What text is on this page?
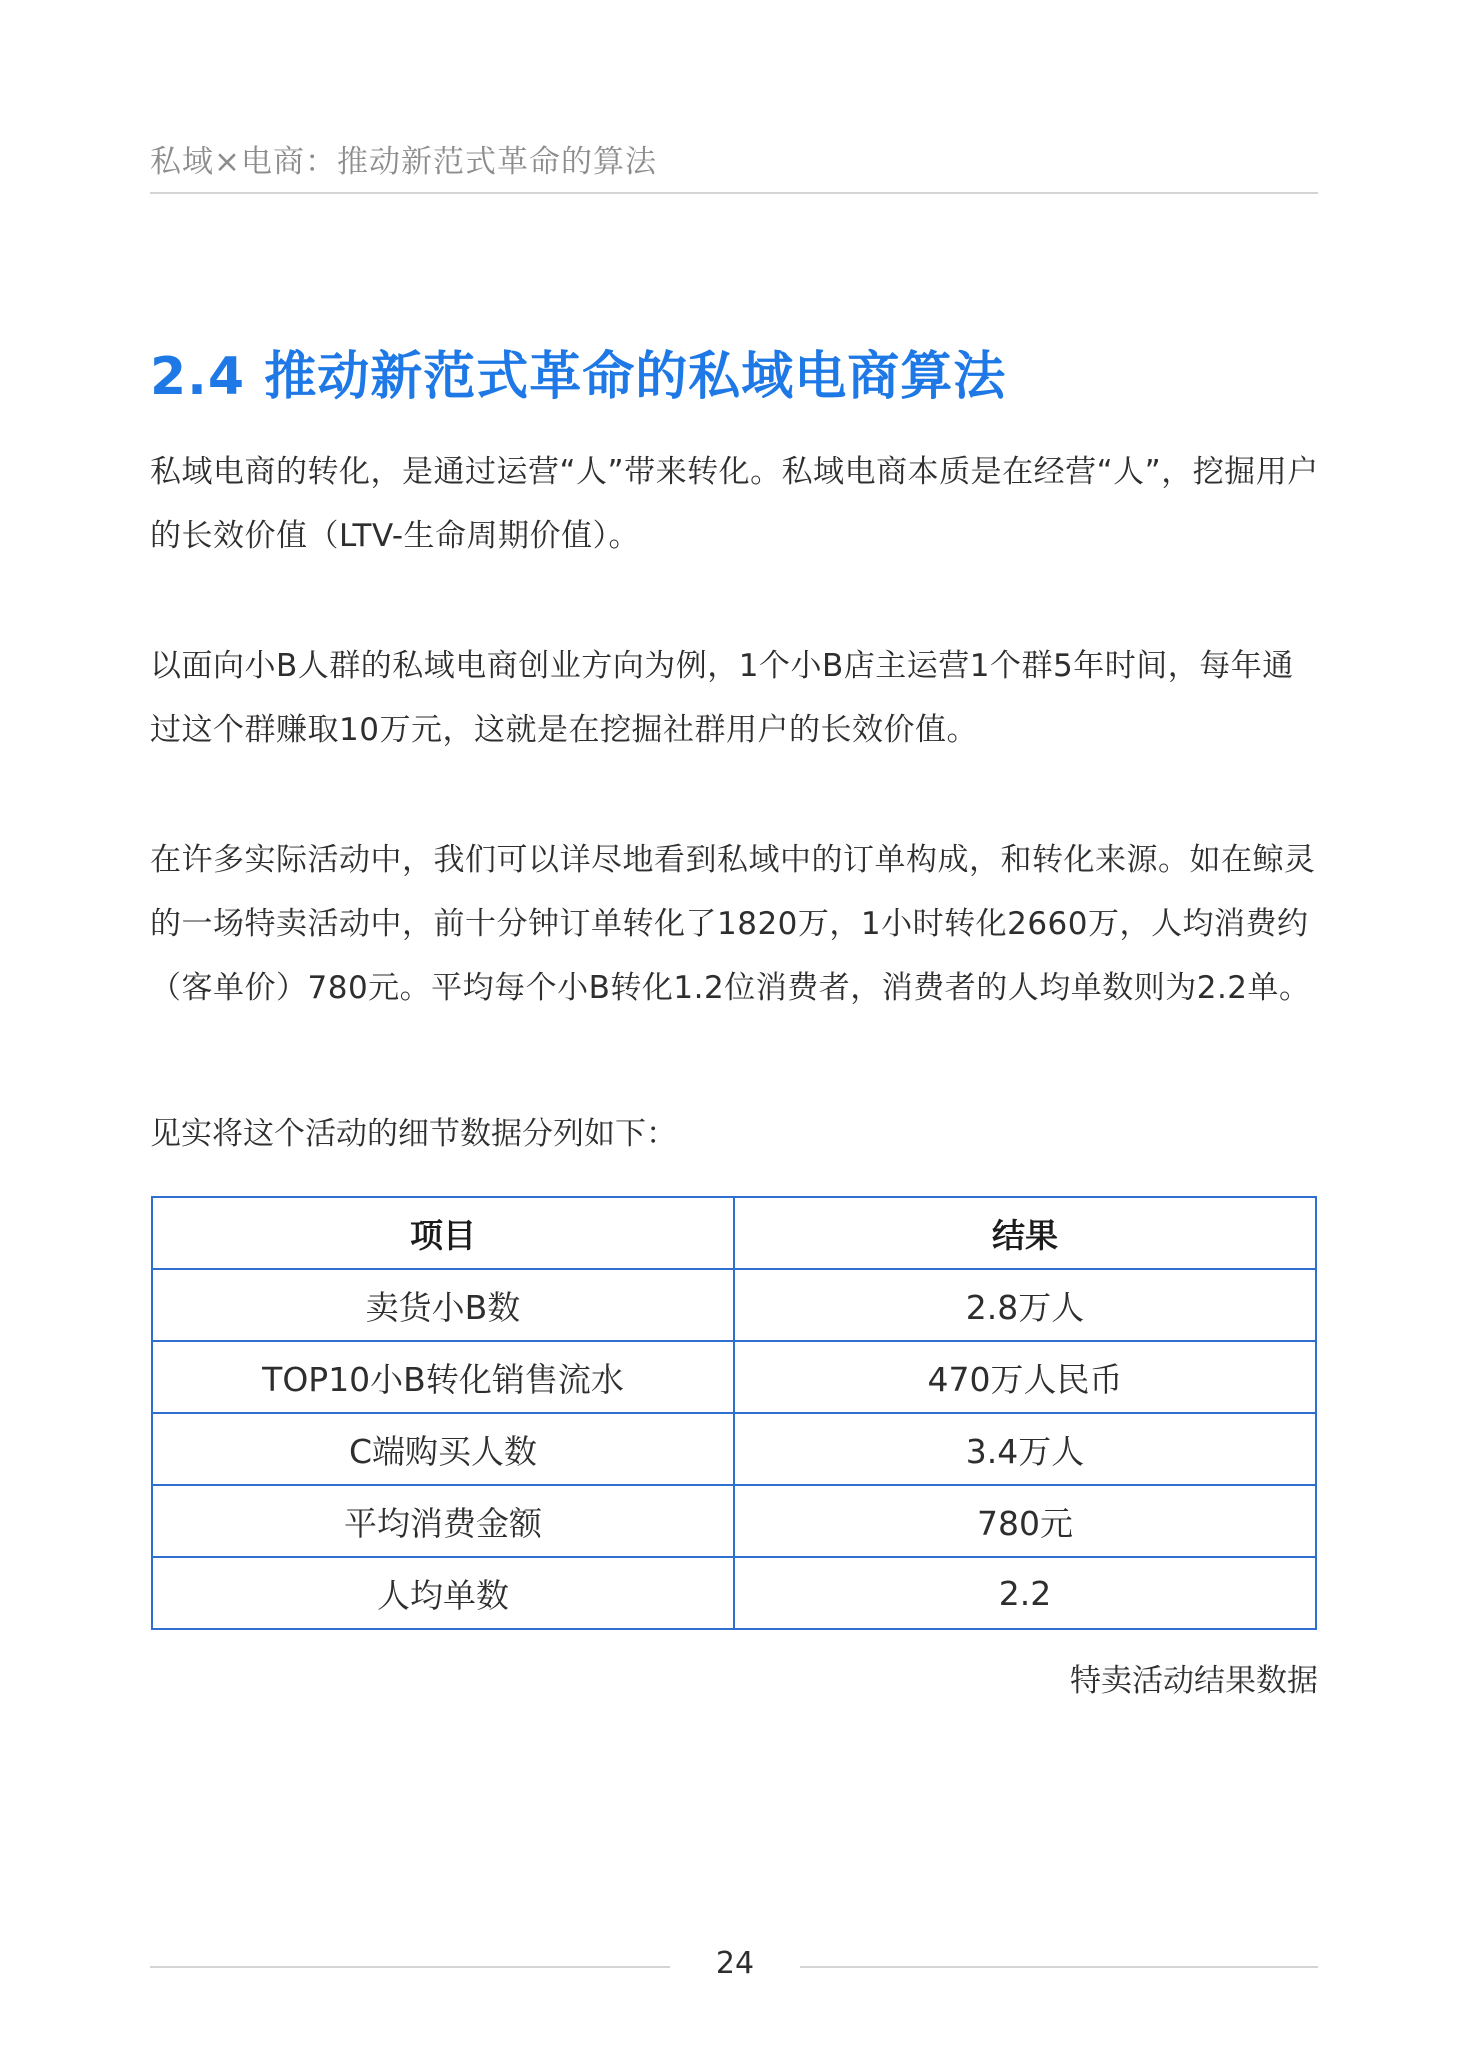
私域×电商：推动新范式革命的算法
2.4 推动新范式革命的私域电商算法

私域电商的转化，是通过运营“人”带来转化。私域电商本质是在经营“人”，挖掘用户的长效价值（LTV-生命周期价值）。

以面向小B人群的私域电商创业方向为例，1个小B店主运营1个群5年时间，每年通过这个群赚取10万元，这就是在挖掘社群用户的长效价值。

在许多实际活动中，我们可以详尽地看到私域中的订单构成，和转化来源。如在鲸灵的一场特卖活动中，前十分钟订单转化了1820万，1小时转化2660万，人均消费约（客单价）780元。平均每个小B转化1.2位消费者，消费者的人均单数则为2.2单。

见实将这个活动的细节数据分列如下：
项目	结果
卖货小B数	2.8万人
TOP10小B转化销售流水	470万人民币
C端购买人数	3.4万人
平均消费金额	780元
人均单数	2.2
特卖活动结果数据
24
